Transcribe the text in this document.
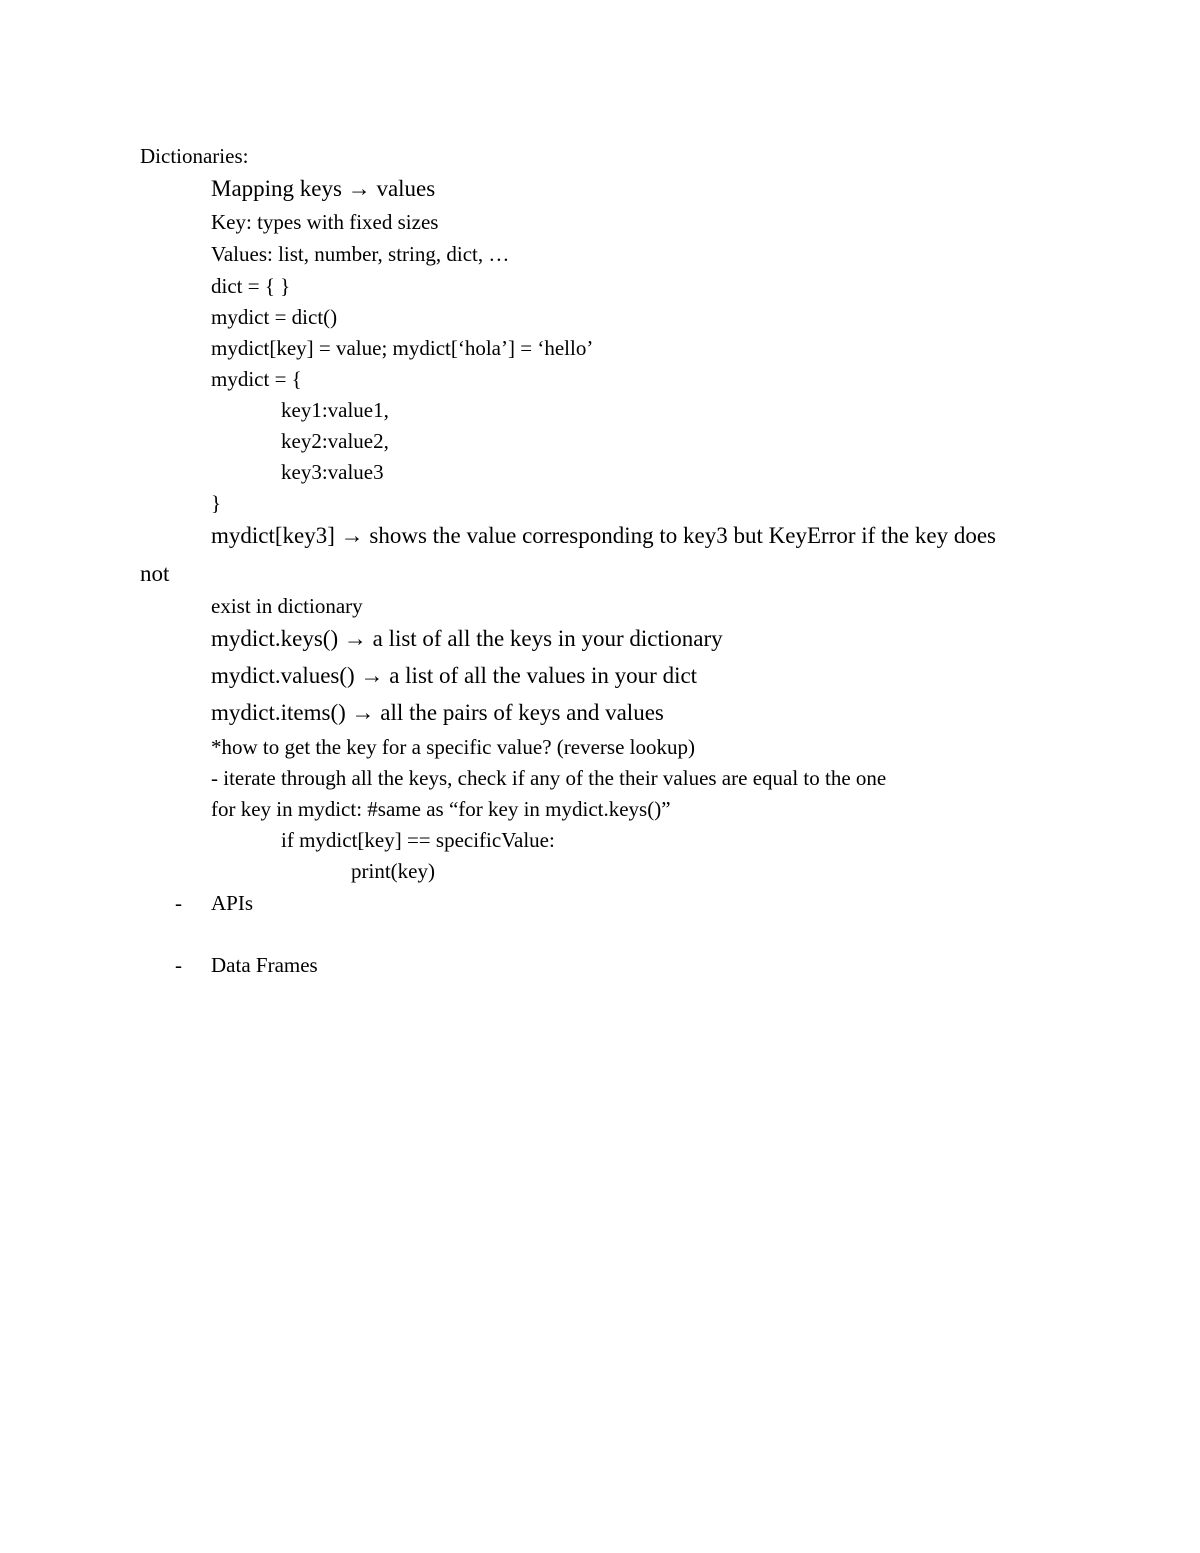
Dictionaries:
Mapping keys → values
Key: types with fixed sizes
Values: list, number, string, dict, …
dict = { }
mydict = dict()
mydict[key] = value; mydict[‘hola’] = ‘hello’
mydict = {
key1:value1,
key2:value2,
key3:value3
}
mydict[key3] → shows the value corresponding to key3 but KeyError if the key does
not
exist in dictionary
mydict.keys() → a list of all the keys in your dictionary
mydict.values() → a list of all the values in your dict
mydict.items() → all the pairs of keys and values
*how to get the key for a specific value? (reverse lookup)
- iterate through all the keys, check if any of the their values are equal to the one
for key in mydict: #same as “for key in mydict.keys()”
if mydict[key] == specificValue:
print(key)
- APIs
- Data Frames
